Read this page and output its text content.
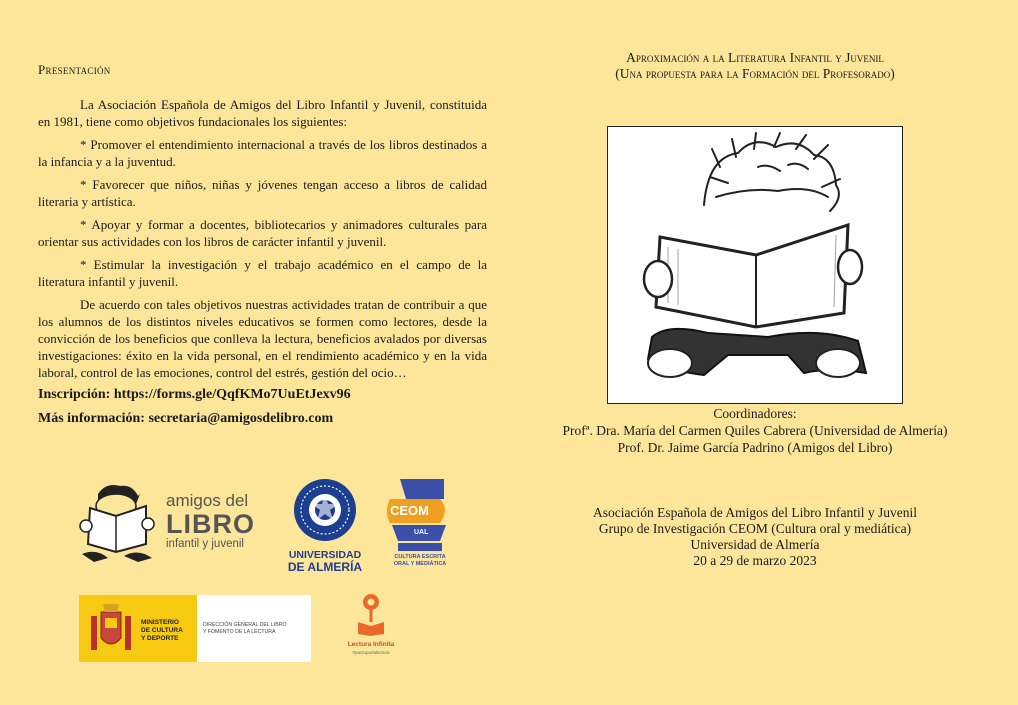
Presentación

La Asociación Española de Amigos del Libro Infantil y Juvenil, constituida en 1981, tiene como objetivos fundacionales los siguientes:

* Promover el entendimiento internacional a través de los libros destinados a la infancia y a la juventud.

* Favorecer que niños, niñas y jóvenes tengan acceso a libros de calidad literaria y artística.

* Apoyar y formar a docentes, bibliotecarios y animadores culturales para orientar sus actividades con los libros de carácter infantil y juvenil.

* Estimular la investigación y el trabajo académico en el campo de la literatura infantil y juvenil.

De acuerdo con tales objetivos nuestras actividades tratan de contribuir a que los alumnos de los distintos niveles educativos se formen como lectores, desde la convicción de los beneficios que conlleva la lectura, beneficios avalados por diversas investigaciones: éxito en la vida personal, en el rendimiento académico y en la vida laboral, control de las emociones, control del estrés, gestión del ocio…

Inscripción: https://forms.gle/QqfKMo7UuEtJexv96
Más información: secretaria@amigosdelibro.com
amigos del
LIBRO
infantil y juvenil
UNIVERSIDAD
DE ALMERÍA
CEOM
UAL
CULTURA ESCRITA
ORAL Y MEDIÁTICA
MINISTERIO
DE CULTURA
Y DEPORTE
DIRECCIÓN GENERAL DEL LIBRO
Y FOMENTO DE LA LECTURA
Lectura Infinita
#pactoporlalectura
Aproximación a la Literatura Infantil y Juvenil
(Una propuesta para la Formación del Profesorado)
Coordinadores:
Profª. Dra. María del Carmen Quiles Cabrera (Universidad de Almería)
Prof. Dr. Jaime García Padrino (Amigos del Libro)
Asociación Española de Amigos del Libro Infantil y Juvenil
Grupo de Investigación CEOM (Cultura oral y mediática)
Universidad de Almería
20 a 29 de marzo 2023
